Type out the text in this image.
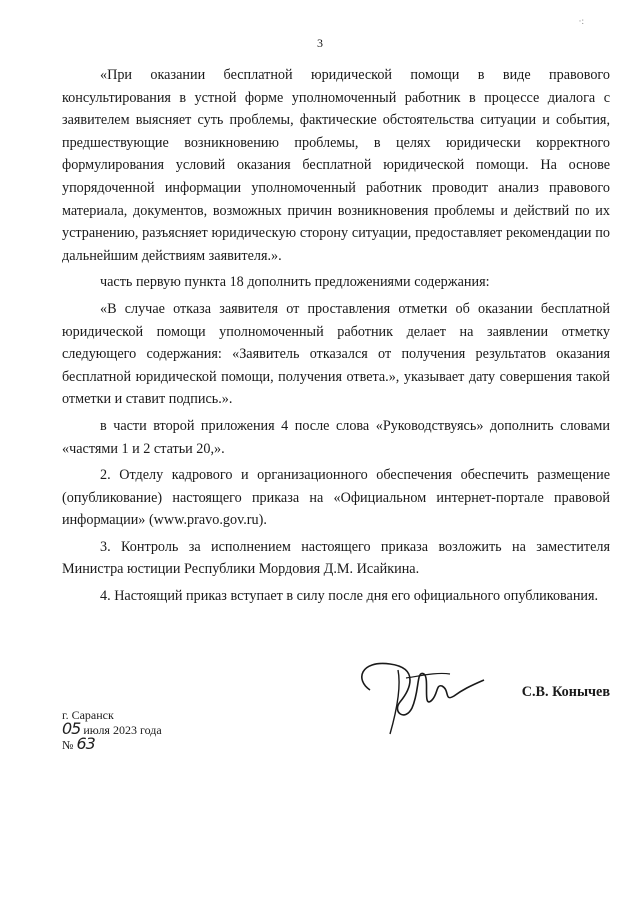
·:
3

«При оказании бесплатной юридической помощи в виде правового консультирования в устной форме уполномоченный работник в процессе диалога с заявителем выясняет суть проблемы, фактические обстоятельства ситуации и события, предшествующие возникновению проблемы, в целях юридически корректного формулирования условий оказания бесплатной юридической помощи. На основе упорядоченной информации уполномоченный работник проводит анализ правового материала, документов, возможных причин возникновения проблемы и действий по их устранению, разъясняет юридическую сторону ситуации, предоставляет рекомендации по дальнейшим действиям заявителя.».

часть первую пункта 18 дополнить предложениями содержания:

«В случае отказа заявителя от проставления отметки об оказании бесплатной юридической помощи уполномоченный работник делает на заявлении отметку следующего содержания: «Заявитель отказался от получения результатов оказания бесплатной юридической помощи, получения ответа.», указывает дату совершения такой отметки и ставит подпись.».

в части второй приложения 4 после слова «Руководствуясь» дополнить словами «частями 1 и 2 статьи 20,».

2. Отделу кадрового и организационного обеспечения обеспечить размещение (опубликование) настоящего приказа на «Официальном интернет-портале правовой информации» (www.pravo.gov.ru).

3. Контроль за исполнением настоящего приказа возложить на заместителя Министра юстиции Республики Мордовия Д.М. Исайкина.

4. Настоящий приказ вступает в силу после дня его официального опубликования.

С.В. Конычев
г. Саранск
05 июля 2023 года
№ 63
